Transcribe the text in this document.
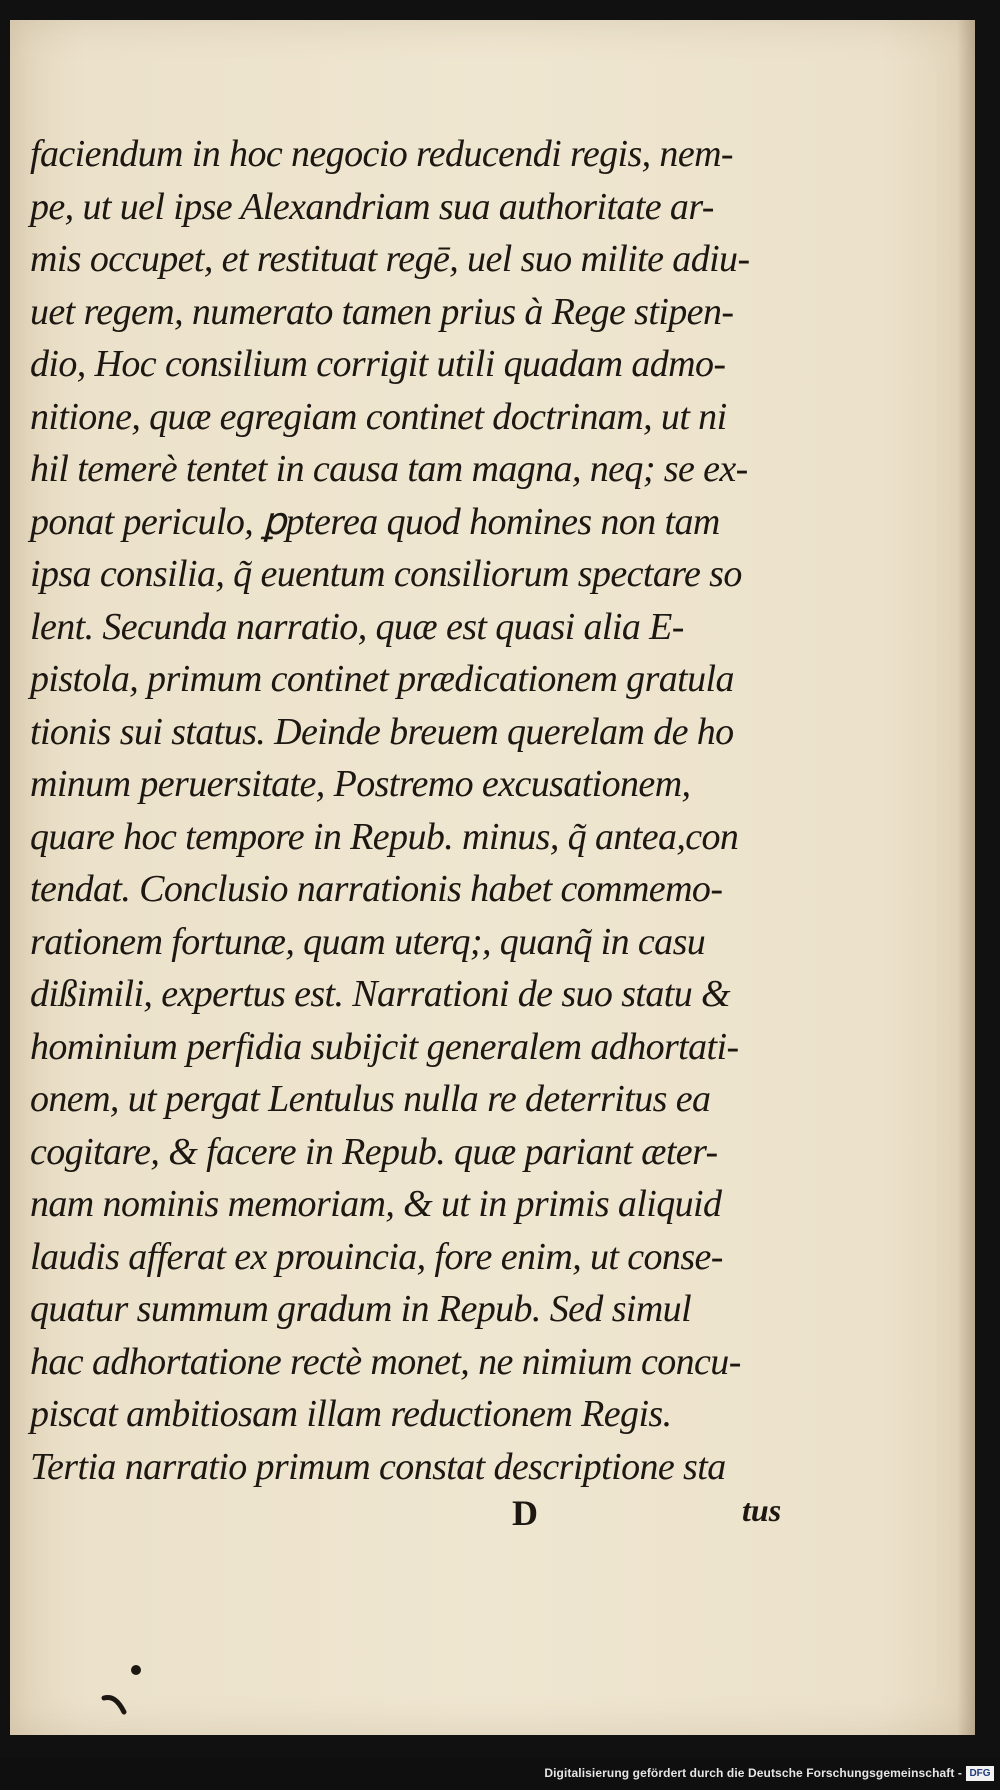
faciendum in hoc negocio reducendi regis, nem-
pe, ut uel ipse Alexandriam sua authoritate ar-
mis occupet, et restituat regē, uel suo milite adiu-
uet regem, numerato tamen prius à Rege stipen-
dio, Hoc consilium corrigit utili quadam admo-
nitione, quæ egregiam continet doctrinam, ut ni
hil temerè tentet in causa tam magna, neq; se ex-
ponat periculo, ꝑpterea quod homines non tam
ipsa consilia, q̃ euentum consiliorum spectare so
lent. Secunda narratio, quæ est quasi alia E-
pistola, primum continet prædicationem gratula
tionis sui status. Deinde breuem querelam de ho
minum peruersitate, Postremo excusationem,
quare hoc tempore in Repub. minus, q̃ antea,con
tendat. Conclusio narrationis habet commemo-
rationem fortunæ, quam uterq;, quanq̃ in casu
dißimili, expertus est. Narrationi de suo statu &
hominium perfidia subijcit generalem adhortati-
onem, ut pergat Lentulus nulla re deterritus ea
cogitare, & facere in Repub. quæ pariant æter-
nam nominis memoriam, & ut in primis aliquid
laudis afferat ex prouincia, fore enim, ut conse-
quatur summum gradum in Repub. Sed simul
hac adhortatione rectè monet, ne nimium concu-
piscat ambitiosam illam reductionem Regis.
Tertia narratio primum constat descriptione sta
D	tus
Digitalisierung gefördert durch die Deutsche Forschungsgemeinschaft - DFG
